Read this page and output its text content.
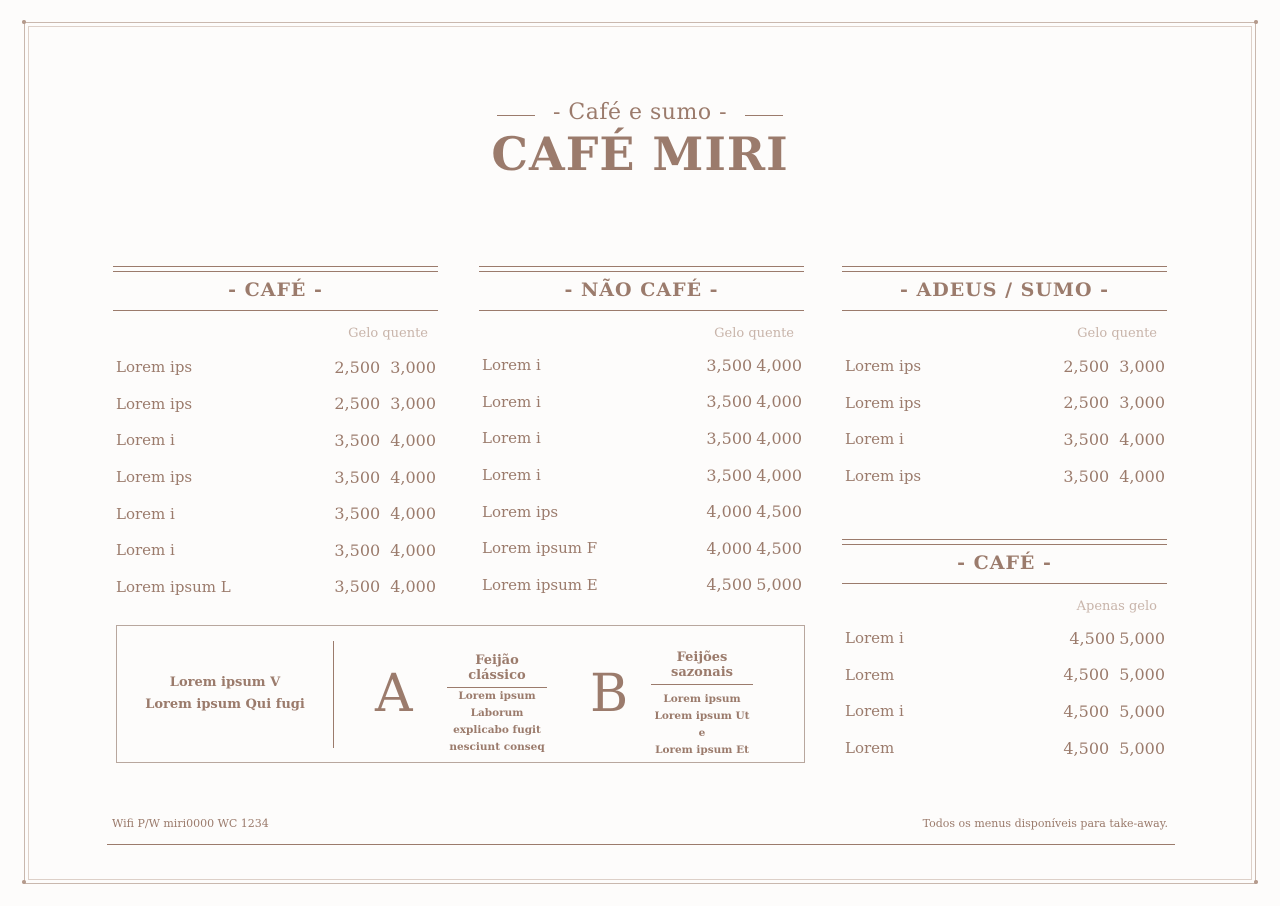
- Café e sumo -
CAFÉ MIRI
- CAFÉ -
Gelo quente
Lorem ips	2,500 3,000
Lorem ips	2,500 3,000
Lorem i	3,500 4,000
Lorem ips	3,500 4,000
Lorem i	3,500 4,000
Lorem i	3,500 4,000
Lorem ipsum L	3,500 4,000
- NÃO CAFÉ -
Gelo quente
Lorem i	3,500 4,000
Lorem i	3,500 4,000
Lorem i	3,500 4,000
Lorem i	3,500 4,000
Lorem ips	4,000 4,500
Lorem ipsum F	4,000 4,500
Lorem ipsum E	4,500 5,000
- ADEUS / SUMO -
Gelo quente
Lorem ips	2,500 3,000
Lorem ips	2,500 3,000
Lorem i	3,500 4,000
Lorem ips	3,500 4,000
- CAFÉ -
Apenas gelo
Lorem i	4,500 5,000
Lorem	4,500 5,000
Lorem i	4,500 5,000
Lorem	4,500 5,000
Lorem ipsum V
Lorem ipsum Qui fugi A
Feijão clássico
Lorem ipsum
Laborum
explicabo fugit
nesciunt conseq
B
Feijões sazonais
Lorem ipsum
Lorem ipsum Ut e
Lorem ipsum Et
Wifi P/W miri0000 WC 1234	Todos os menus disponíveis para take-away.
